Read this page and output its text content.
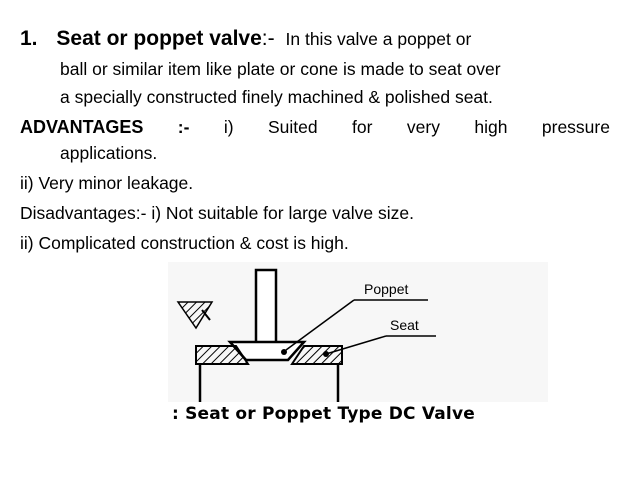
1. Seat or poppet valve:- In this valve a poppet or
ball or similar item like plate or cone is made to seat over
a specially constructed finely machined & polished seat.
ADVANTAGES :- i) Suited for very high pressure
applications.
ii) Very minor leakage.
Disadvantages:- i) Not suitable for large valve size.
ii) Complicated construction & cost is high.
Poppet
Seat
: Seat or Poppet Type DC Valve
